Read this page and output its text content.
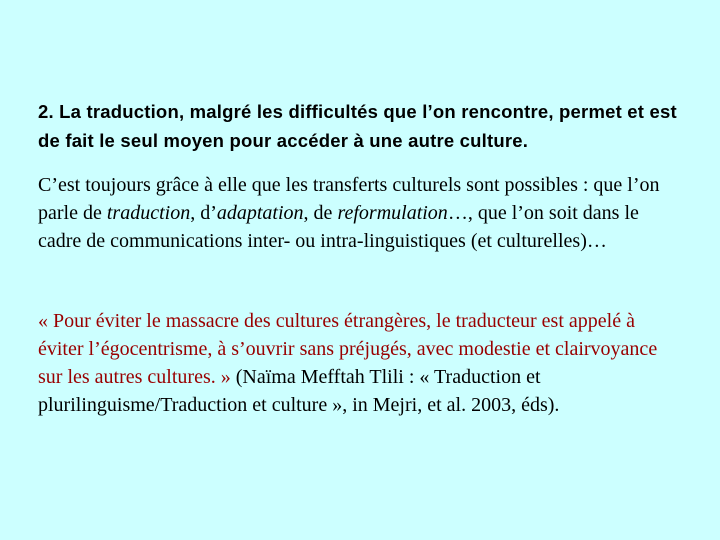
2. La traduction, malgré les difficultés que l’on rencontre, permet et est de fait le seul moyen pour accéder à une autre culture.

C’est toujours grâce à elle que les transferts culturels sont possibles : que l’on parle de traduction, d’adaptation, de reformulation…, que l’on soit dans le cadre de communications inter- ou intra-linguistiques (et culturelles)…

« Pour éviter le massacre des cultures étrangères, le traducteur est appelé à éviter l’égocentrisme, à s’ouvrir sans préjugés, avec modestie et clairvoyance sur les autres cultures. » (Naïma Mefftah Tlili : « Traduction et plurilinguisme/Traduction et culture », in Mejri, et al. 2003, éds).
